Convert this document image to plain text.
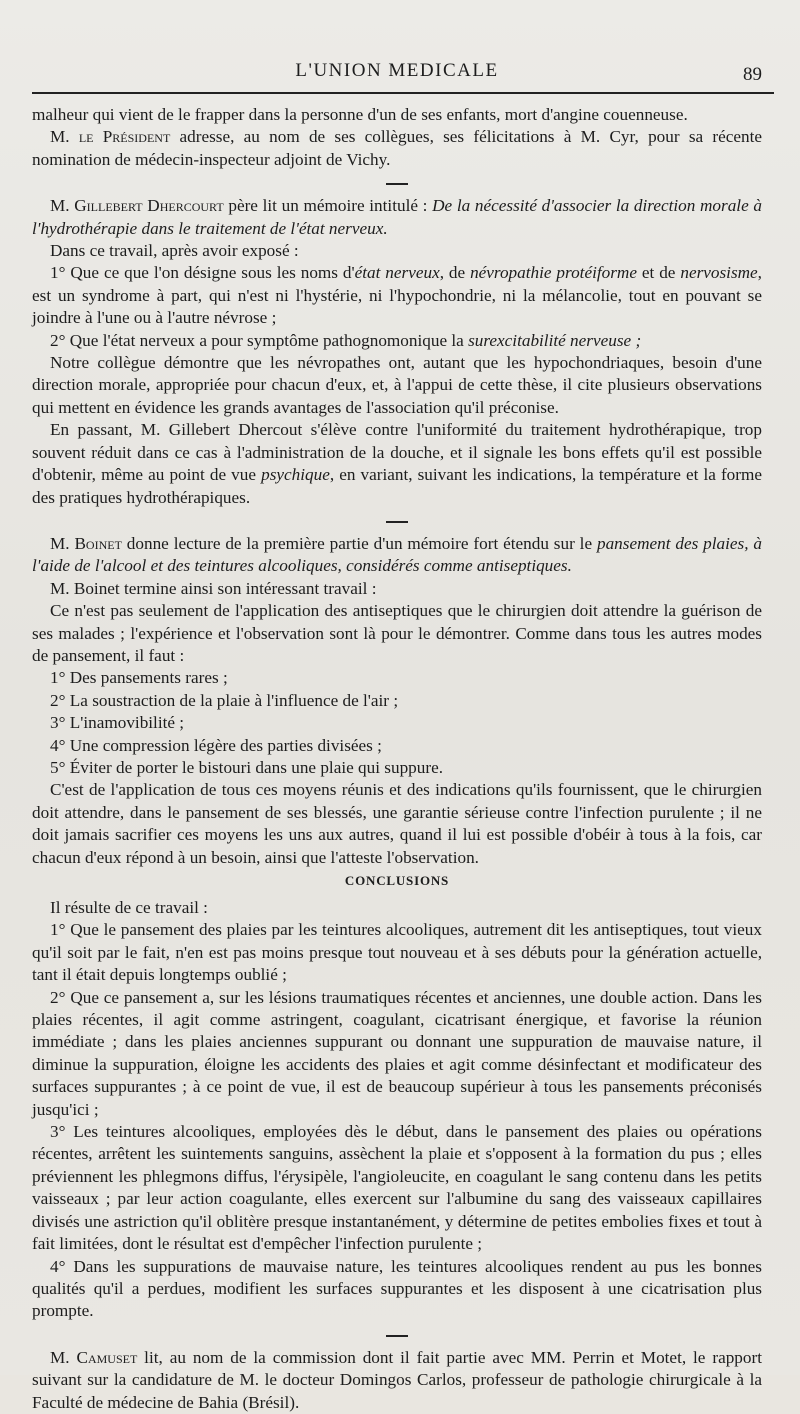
L'UNION MEDICALE	89

malheur qui vient de le frapper dans la personne d'un de ses enfants, mort d'angine couenneuse.

M. le Président adresse, au nom de ses collègues, ses félicitations à M. Cyr, pour sa récente nomination de médecin-inspecteur adjoint de Vichy.

M. Gillebert Dhercourt père lit un mémoire intitulé : De la nécessité d'associer la direction morale à l'hydrothérapie dans le traitement de l'état nerveux.

Dans ce travail, après avoir exposé :

1° Que ce que l'on désigne sous les noms d'état nerveux, de névropathie protéiforme et de nervosisme, est un syndrome à part, qui n'est ni l'hystérie, ni l'hypochondrie, ni la mélancolie, tout en pouvant se joindre à l'une ou à l'autre névrose ;

2° Que l'état nerveux a pour symptôme pathognomonique la surexcitabilité nerveuse ;

Notre collègue démontre que les névropathes ont, autant que les hypochondriaques, besoin d'une direction morale, appropriée pour chacun d'eux, et, à l'appui de cette thèse, il cite plusieurs observations qui mettent en évidence les grands avantages de l'association qu'il préconise.

En passant, M. Gillebert Dhercout s'élève contre l'uniformité du traitement hydrothérapique, trop souvent réduit dans ce cas à l'administration de la douche, et il signale les bons effets qu'il est possible d'obtenir, même au point de vue psychique, en variant, suivant les indications, la température et la forme des pratiques hydrothérapiques.

M. Boinet donne lecture de la première partie d'un mémoire fort étendu sur le pansement des plaies, à l'aide de l'alcool et des teintures alcooliques, considérés comme antiseptiques.

M. Boinet termine ainsi son intéressant travail :

Ce n'est pas seulement de l'application des antiseptiques que le chirurgien doit attendre la guérison de ses malades ; l'expérience et l'observation sont là pour le démontrer. Comme dans tous les autres modes de pansement, il faut :

1° Des pansements rares ;

2° La soustraction de la plaie à l'influence de l'air ;

3° L'inamovibilité ;

4° Une compression légère des parties divisées ;

5° Éviter de porter le bistouri dans une plaie qui suppure.

C'est de l'application de tous ces moyens réunis et des indications qu'ils fournissent, que le chirurgien doit attendre, dans le pansement de ses blessés, une garantie sérieuse contre l'infection purulente ; il ne doit jamais sacrifier ces moyens les uns aux autres, quand il lui est possible d'obéir à tous à la fois, car chacun d'eux répond à un besoin, ainsi que l'atteste l'observation.

CONCLUSIONS

Il résulte de ce travail :

1° Que le pansement des plaies par les teintures alcooliques, autrement dit les antiseptiques, tout vieux qu'il soit par le fait, n'en est pas moins presque tout nouveau et à ses débuts pour la génération actuelle, tant il était depuis longtemps oublié ;

2° Que ce pansement a, sur les lésions traumatiques récentes et anciennes, une double action. Dans les plaies récentes, il agit comme astringent, coagulant, cicatrisant énergique, et favorise la réunion immédiate ; dans les plaies anciennes suppurant ou donnant une suppuration de mauvaise nature, il diminue la suppuration, éloigne les accidents des plaies et agit comme désinfectant et modificateur des surfaces suppurantes ; à ce point de vue, il est de beaucoup supérieur à tous les pansements préconisés jusqu'ici ;

3° Les teintures alcooliques, employées dès le début, dans le pansement des plaies ou opérations récentes, arrêtent les suintements sanguins, assèchent la plaie et s'opposent à la formation du pus ; elles préviennent les phlegmons diffus, l'érysipèle, l'angioleucite, en coagulant le sang contenu dans les petits vaisseaux ; par leur action coagulante, elles exercent sur l'albumine du sang des vaisseaux capillaires divisés une astriction qu'il oblitère presque instantanément, y détermine de petites embolies fixes et tout à fait limitées, dont le résultat est d'empêcher l'infection purulente ;

4° Dans les suppurations de mauvaise nature, les teintures alcooliques rendent au pus les bonnes qualités qu'il a perdues, modifient les surfaces suppurantes et les disposent à une cicatrisation plus prompte.

M. Camuset lit, au nom de la commission dont il fait partie avec MM. Perrin et Motet, le rapport suivant sur la candidature de M. le docteur Domingos Carlos, professeur de pathologie chirurgicale à la Faculté de médecine de Bahia (Brésil).
